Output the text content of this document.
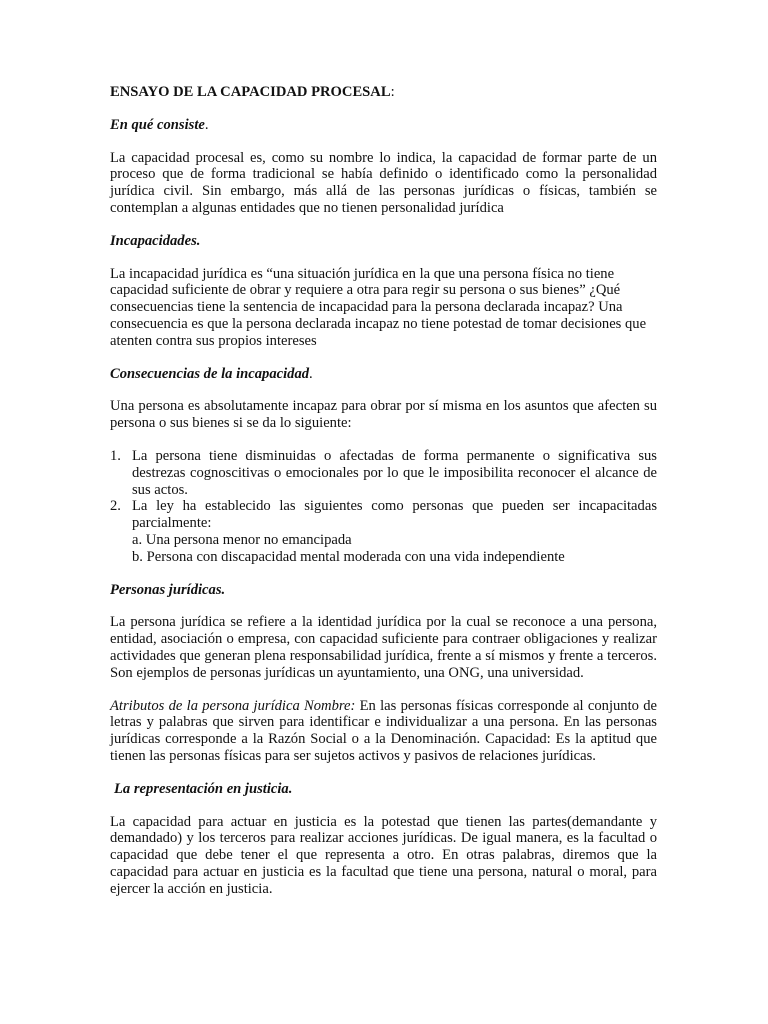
ENSAYO DE LA CAPACIDAD PROCESAL:

En qué consiste.

La capacidad procesal es, como su nombre lo indica, la capacidad de formar parte de un proceso que de forma tradicional se había definido o identificado como la personalidad jurídica civil. Sin embargo, más allá de las personas jurídicas o físicas, también se contemplan a algunas entidades que no tienen personalidad jurídica

Incapacidades.

La incapacidad jurídica es “una situación jurídica en la que una persona física no tiene capacidad suficiente de obrar y requiere a otra para regir su persona o sus bienes” ¿Qué consecuencias tiene la sentencia de incapacidad para la persona declarada incapaz? Una consecuencia es que la persona declarada incapaz no tiene potestad de tomar decisiones que atenten contra sus propios intereses

Consecuencias de la incapacidad.

Una persona es absolutamente incapaz para obrar por sí misma en los asuntos que afecten su persona o sus bienes si se da lo siguiente:

1. La persona tiene disminuidas o afectadas de forma permanente o significativa sus destrezas cognoscitivas o emocionales por lo que le imposibilita reconocer el alcance de sus actos.
2. La ley ha establecido las siguientes como personas que pueden ser incapacitadas parcialmente:
a. Una persona menor no emancipada
b. Persona con discapacidad mental moderada con una vida independiente

Personas jurídicas.

La persona jurídica se refiere a la identidad jurídica por la cual se reconoce a una persona, entidad, asociación o empresa, con capacidad suficiente para contraer obligaciones y realizar actividades que generan plena responsabilidad jurídica, frente a sí mismos y frente a terceros. Son ejemplos de personas jurídicas un ayuntamiento, una ONG, una universidad.

Atributos de la persona jurídica Nombre: En las personas físicas corresponde al conjunto de letras y palabras que sirven para identificar e individualizar a una persona. En las personas jurídicas corresponde a la Razón Social o a la Denominación. Capacidad: Es la aptitud que tienen las personas físicas para ser sujetos activos y pasivos de relaciones jurídicas.

La representación en justicia.

La capacidad para actuar en justicia es la potestad que tienen las partes(demandante y demandado) y los terceros para realizar acciones jurídicas. De igual manera, es la facultad o capacidad que debe tener el que representa a otro. En otras palabras, diremos que la capacidad para actuar en justicia es la facultad que tiene una persona, natural o moral, para ejercer la acción en justicia.
